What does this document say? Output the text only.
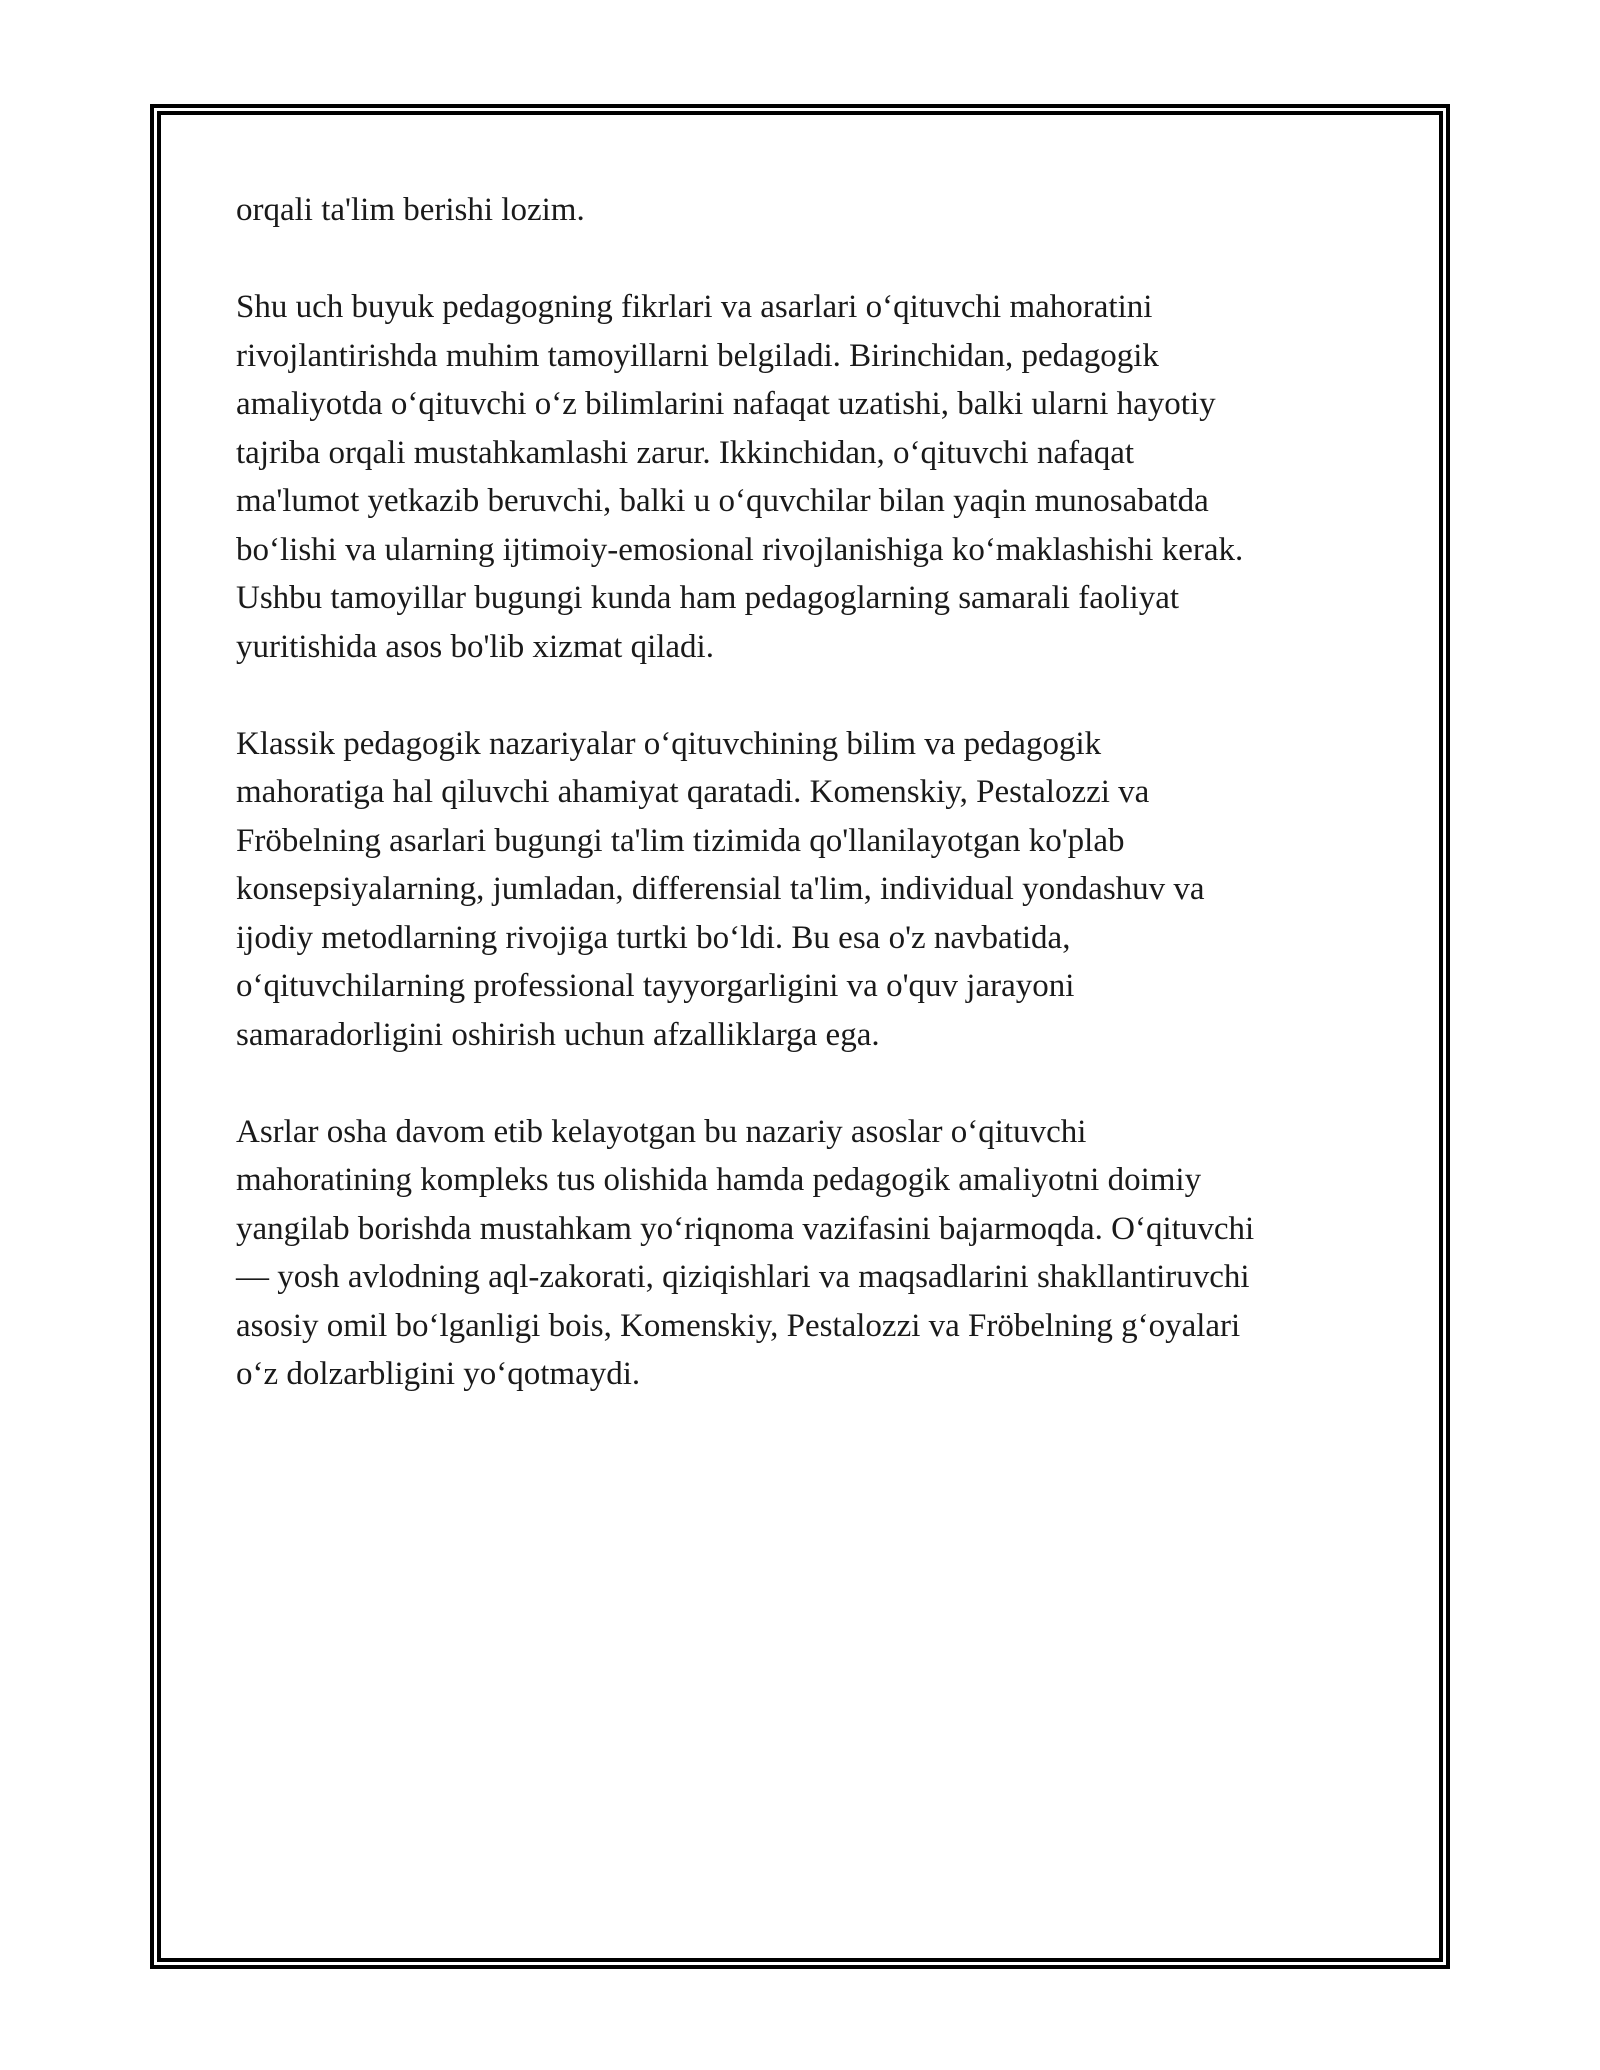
orqali ta'lim berishi lozim.

Shu uch buyuk pedagogning fikrlari va asarlari o‘qituvchi mahoratini
rivojlantirishda muhim tamoyillarni belgiladi. Birinchidan, pedagogik
amaliyotda o‘qituvchi o‘z bilimlarini nafaqat uzatishi, balki ularni hayotiy
tajriba orqali mustahkamlashi zarur. Ikkinchidan, o‘qituvchi nafaqat
ma'lumot yetkazib beruvchi, balki u o‘quvchilar bilan yaqin munosabatda
bo‘lishi va ularning ijtimoiy-emosional rivojlanishiga ko‘maklashishi kerak.
Ushbu tamoyillar bugungi kunda ham pedagoglarning samarali faoliyat
yuritishida asos bo'lib xizmat qiladi.

Klassik pedagogik nazariyalar o‘qituvchining bilim va pedagogik
mahoratiga hal qiluvchi ahamiyat qaratadi. Komenskiy, Pestalozzi va
Fröbelning asarlari bugungi ta'lim tizimida qo'llanilayotgan ko'plab
konsepsiyalarning, jumladan, differensial ta'lim, individual yondashuv va
ijodiy metodlarning rivojiga turtki bo‘ldi. Bu esa o'z navbatida,
o‘qituvchilarning professional tayyorgarligini va o'quv jarayoni
samaradorligini oshirish uchun afzalliklarga ega.

Asrlar osha davom etib kelayotgan bu nazariy asoslar o‘qituvchi
mahoratining kompleks tus olishida hamda pedagogik amaliyotni doimiy
yangilab borishda mustahkam yo‘riqnoma vazifasini bajarmoqda. O‘qituvchi
— yosh avlodning aql-zakorati, qiziqishlari va maqsadlarini shakllantiruvchi
asosiy omil bo‘lganligi bois, Komenskiy, Pestalozzi va Fröbelning g‘oyalari
o‘z dolzarbligini yo‘qotmaydi.
